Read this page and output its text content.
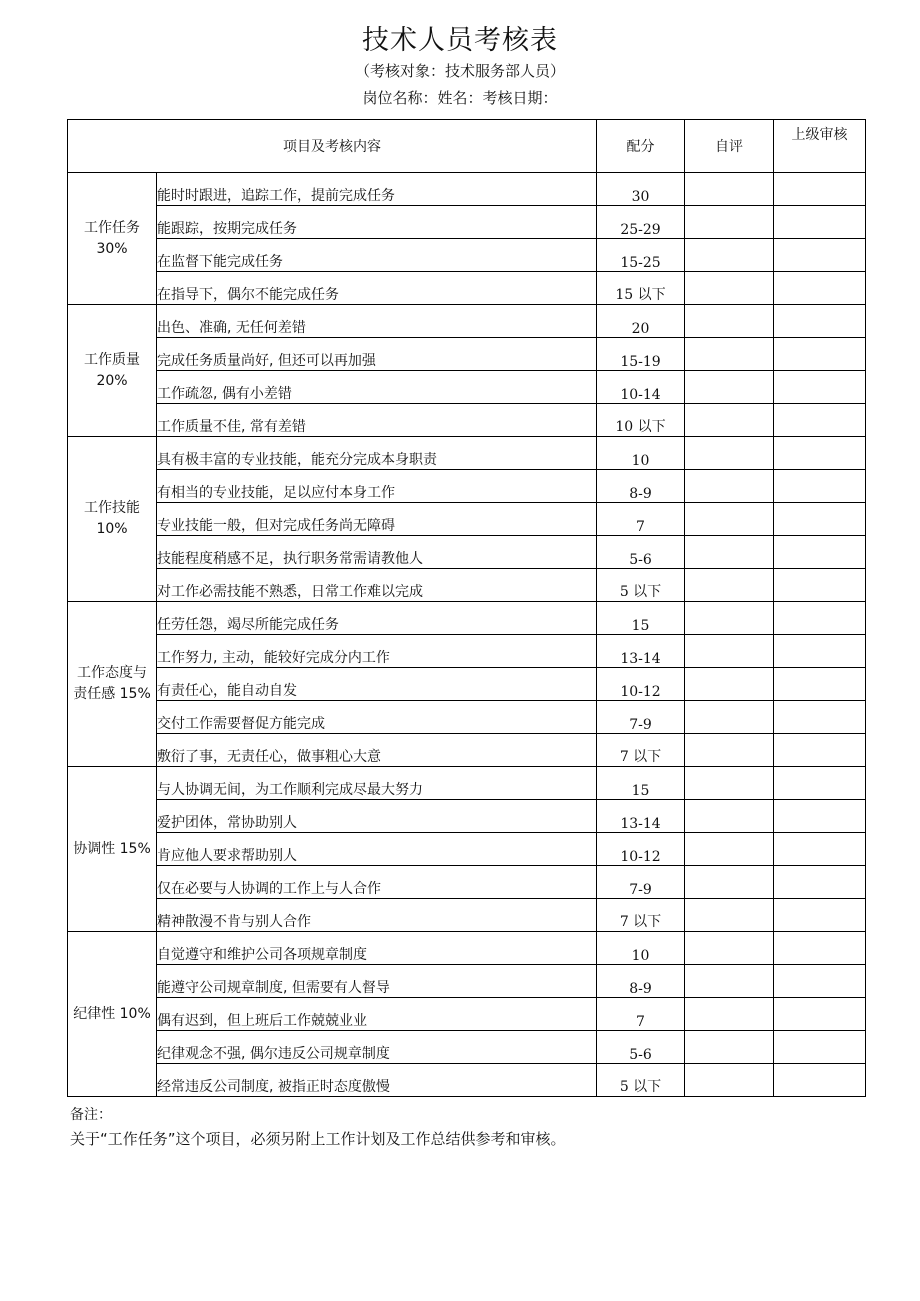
技术人员考核表
（考核对象：技术服务部人员）
岗位名称：姓名：考核日期：
项目及考核内容		配分	自评	上级审核

工作任务
30%	能时时跟进，追踪工作，提前完成任务	30		
	能跟踪，按期完成任务	25-29		
	在监督下能完成任务	15-25		
	在指导下，偶尔不能完成任务	15 以下		

工作质量
20%	出色、准确, 无任何差错	20		
	完成任务质量尚好, 但还可以再加强	15-19		
	工作疏忽, 偶有小差错	10-14		
	工作质量不佳, 常有差错	10 以下		

工作技能
10%	具有极丰富的专业技能，能充分完成本身职责	10		
	有相当的专业技能，足以应付本身工作	8-9		
	专业技能一般，但对完成任务尚无障碍	7		
	技能程度稍感不足，执行职务常需请教他人	5-6		
	对工作必需技能不熟悉，日常工作难以完成	5 以下		

工作态度与
责任感 15%	任劳任怨，竭尽所能完成任务	15		
	工作努力, 主动，能较好完成分内工作	13-14		
	有责任心，能自动自发	10-12		
	交付工作需要督促方能完成	7-9		
	敷衍了事，无责任心，做事粗心大意	7 以下		

协调性 15%	与人协调无间，为工作顺利完成尽最大努力	15		
	爱护团体，常协助别人	13-14		
	肯应他人要求帮助别人	10-12		
	仅在必要与人协调的工作上与人合作	7-9		
	精神散漫不肯与别人合作	7 以下		

纪律性 10%	自觉遵守和维护公司各项规章制度	10		
	能遵守公司规章制度, 但需要有人督导	8-9		
	偶有迟到，但上班后工作兢兢业业	7		
	纪律观念不强, 偶尔违反公司规章制度	5-6		
	经常违反公司制度, 被指正时态度傲慢	5 以下		
备注：
关于“工作任务”这个项目，必须另附上工作计划及工作总结供参考和审核。
